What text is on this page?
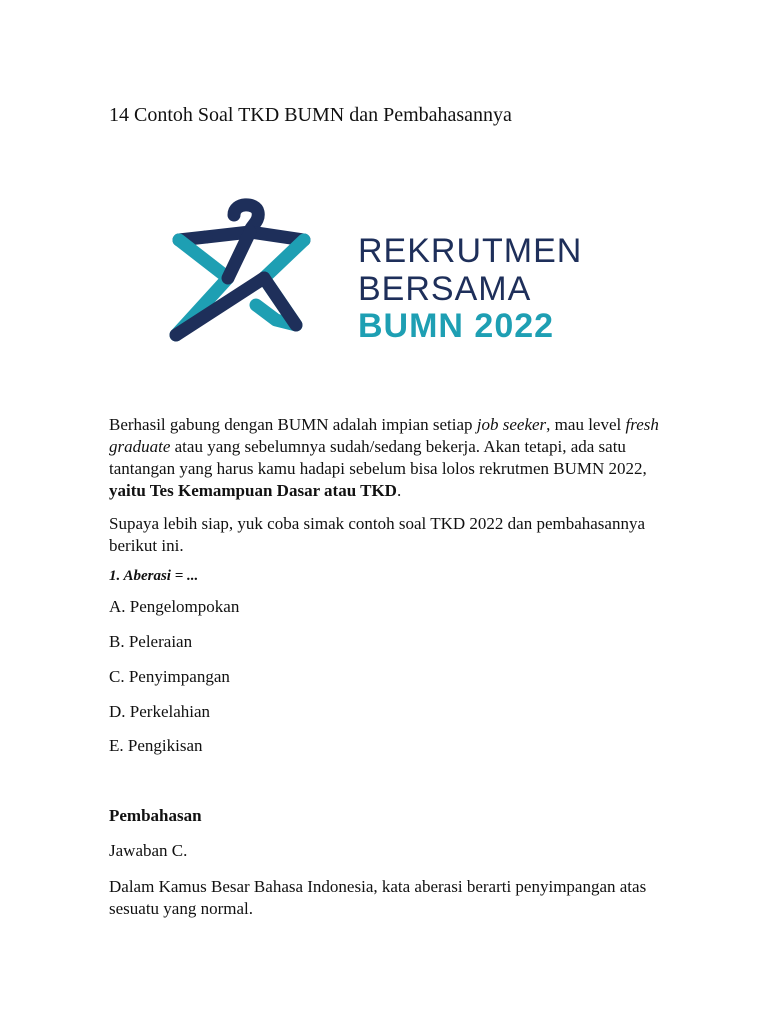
14 Contoh Soal TKD BUMN dan Pembahasannya
REKRUTMEN
BERSAMA
BUMN 2022

Berhasil gabung dengan BUMN adalah impian setiap job seeker, mau level fresh graduate atau yang sebelumnya sudah/sedang bekerja. Akan tetapi, ada satu tantangan yang harus kamu hadapi sebelum bisa lolos rekrutmen BUMN 2022, yaitu Tes Kemampuan Dasar atau TKD.

Supaya lebih siap, yuk coba simak contoh soal TKD 2022 dan pembahasannya berikut ini.

1. Aberasi = ...

A. Pengelompokan

B. Peleraian

C. Penyimpangan

D. Perkelahian

E. Pengikisan

Pembahasan

Jawaban C.

Dalam Kamus Besar Bahasa Indonesia, kata aberasi berarti penyimpangan atas sesuatu yang normal.
